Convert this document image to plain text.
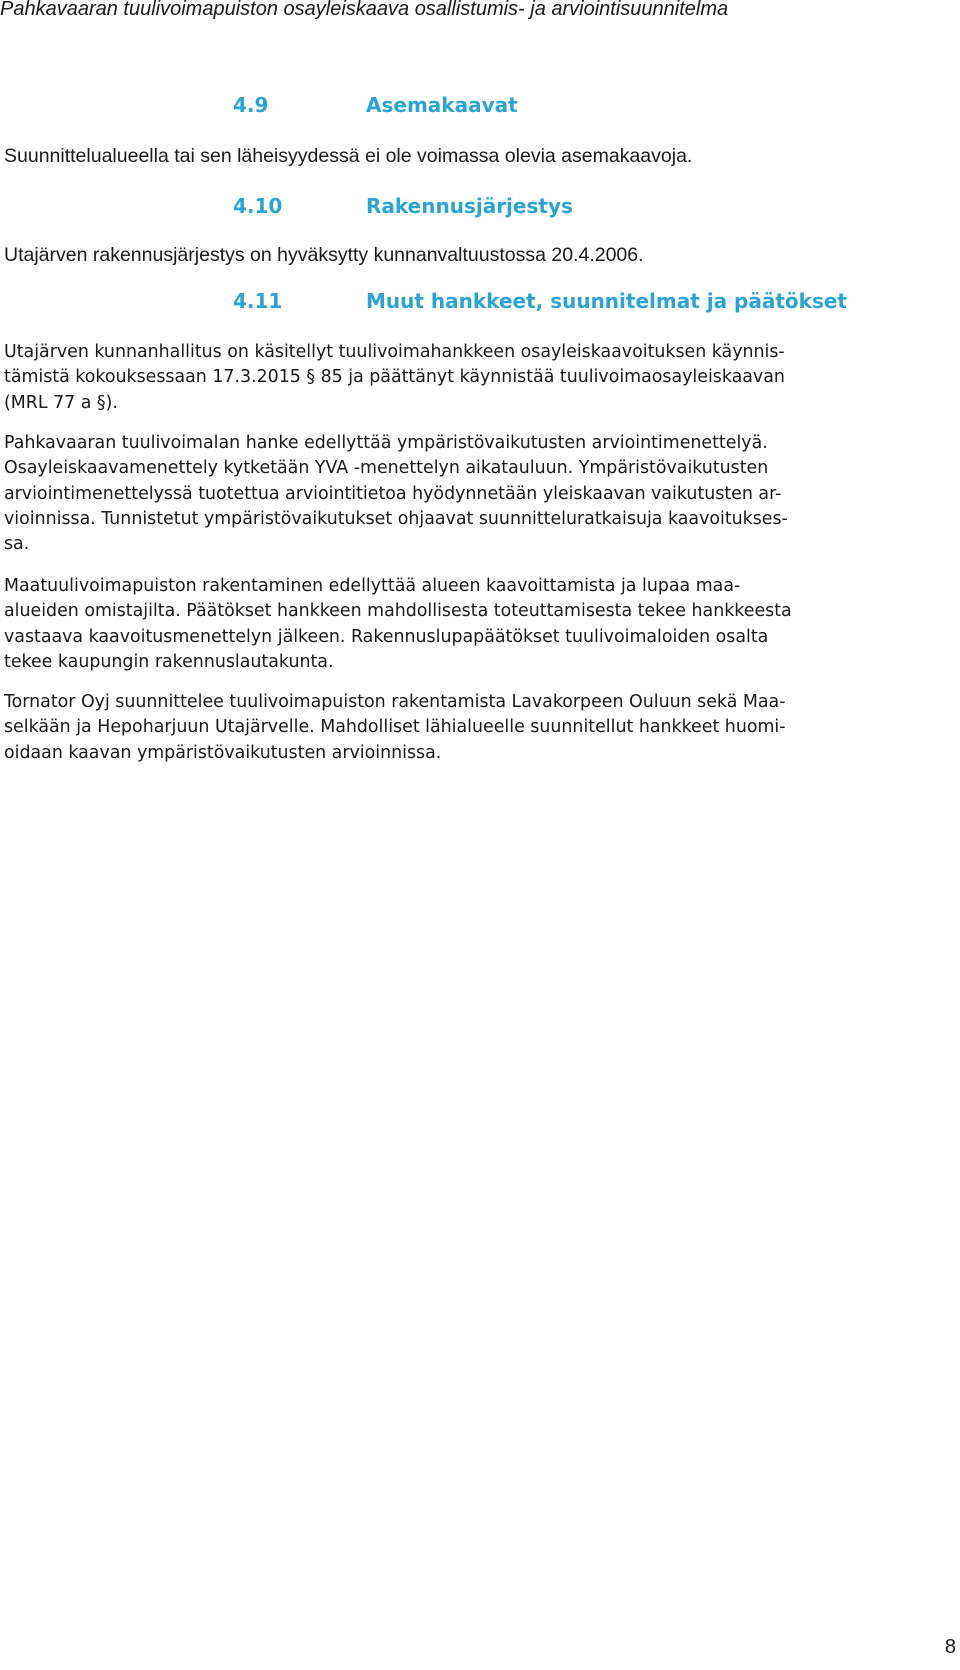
Pahkavaaran tuulivoimapuiston osayleiskaava osallistumis- ja arviointisuunnitelma
4.9	Asemakaavat
Suunnittelualueella tai sen läheisyydessä ei ole voimassa olevia asemakaavoja.
4.10	Rakennusjärjestys
Utajärven rakennusjärjestys on hyväksytty kunnanvaltuustossa 20.4.2006.
4.11	Muut hankkeet, suunnitelmat ja päätökset
Utajärven kunnanhallitus on käsitellyt tuulivoimahankkeen osayleiskaavoituksen käynnis-
tämistä kokouksessaan 17.3.2015 § 85 ja päättänyt käynnistää tuulivoimaosayleiskaavan
(MRL 77 a §).
Pahkavaaran tuulivoimalan hanke edellyttää ympäristövaikutusten arviointimenettelyä.
Osayleiskaavamenettely kytketään YVA -menettelyn aikatauluun. Ympäristövaikutusten
arviointimenettelyssä tuotettua arviointitietoa hyödynnetään yleiskaavan vaikutusten ar-
vioinnissa. Tunnistetut ympäristövaikutukset ohjaavat suunnitteluratkaisuja kaavoitukses-
sa.
Maatuulivoimapuiston rakentaminen edellyttää alueen kaavoittamista ja lupaa maa-
alueiden omistajilta. Päätökset hankkeen mahdollisesta toteuttamisesta tekee hankkeesta
vastaava kaavoitusmenettelyn jälkeen. Rakennuslupapäätökset tuulivoimaloiden osalta
tekee kaupungin rakennuslautakunta.
Tornator Oyj suunnittelee tuulivoimapuiston rakentamista Lavakorpeen Ouluun sekä Maa-
selkään ja Hepoharjuun Utajärvelle. Mahdolliset lähialueelle suunnitellut hankkeet huomi-
oidaan kaavan ympäristövaikutusten arvioinnissa.
8
